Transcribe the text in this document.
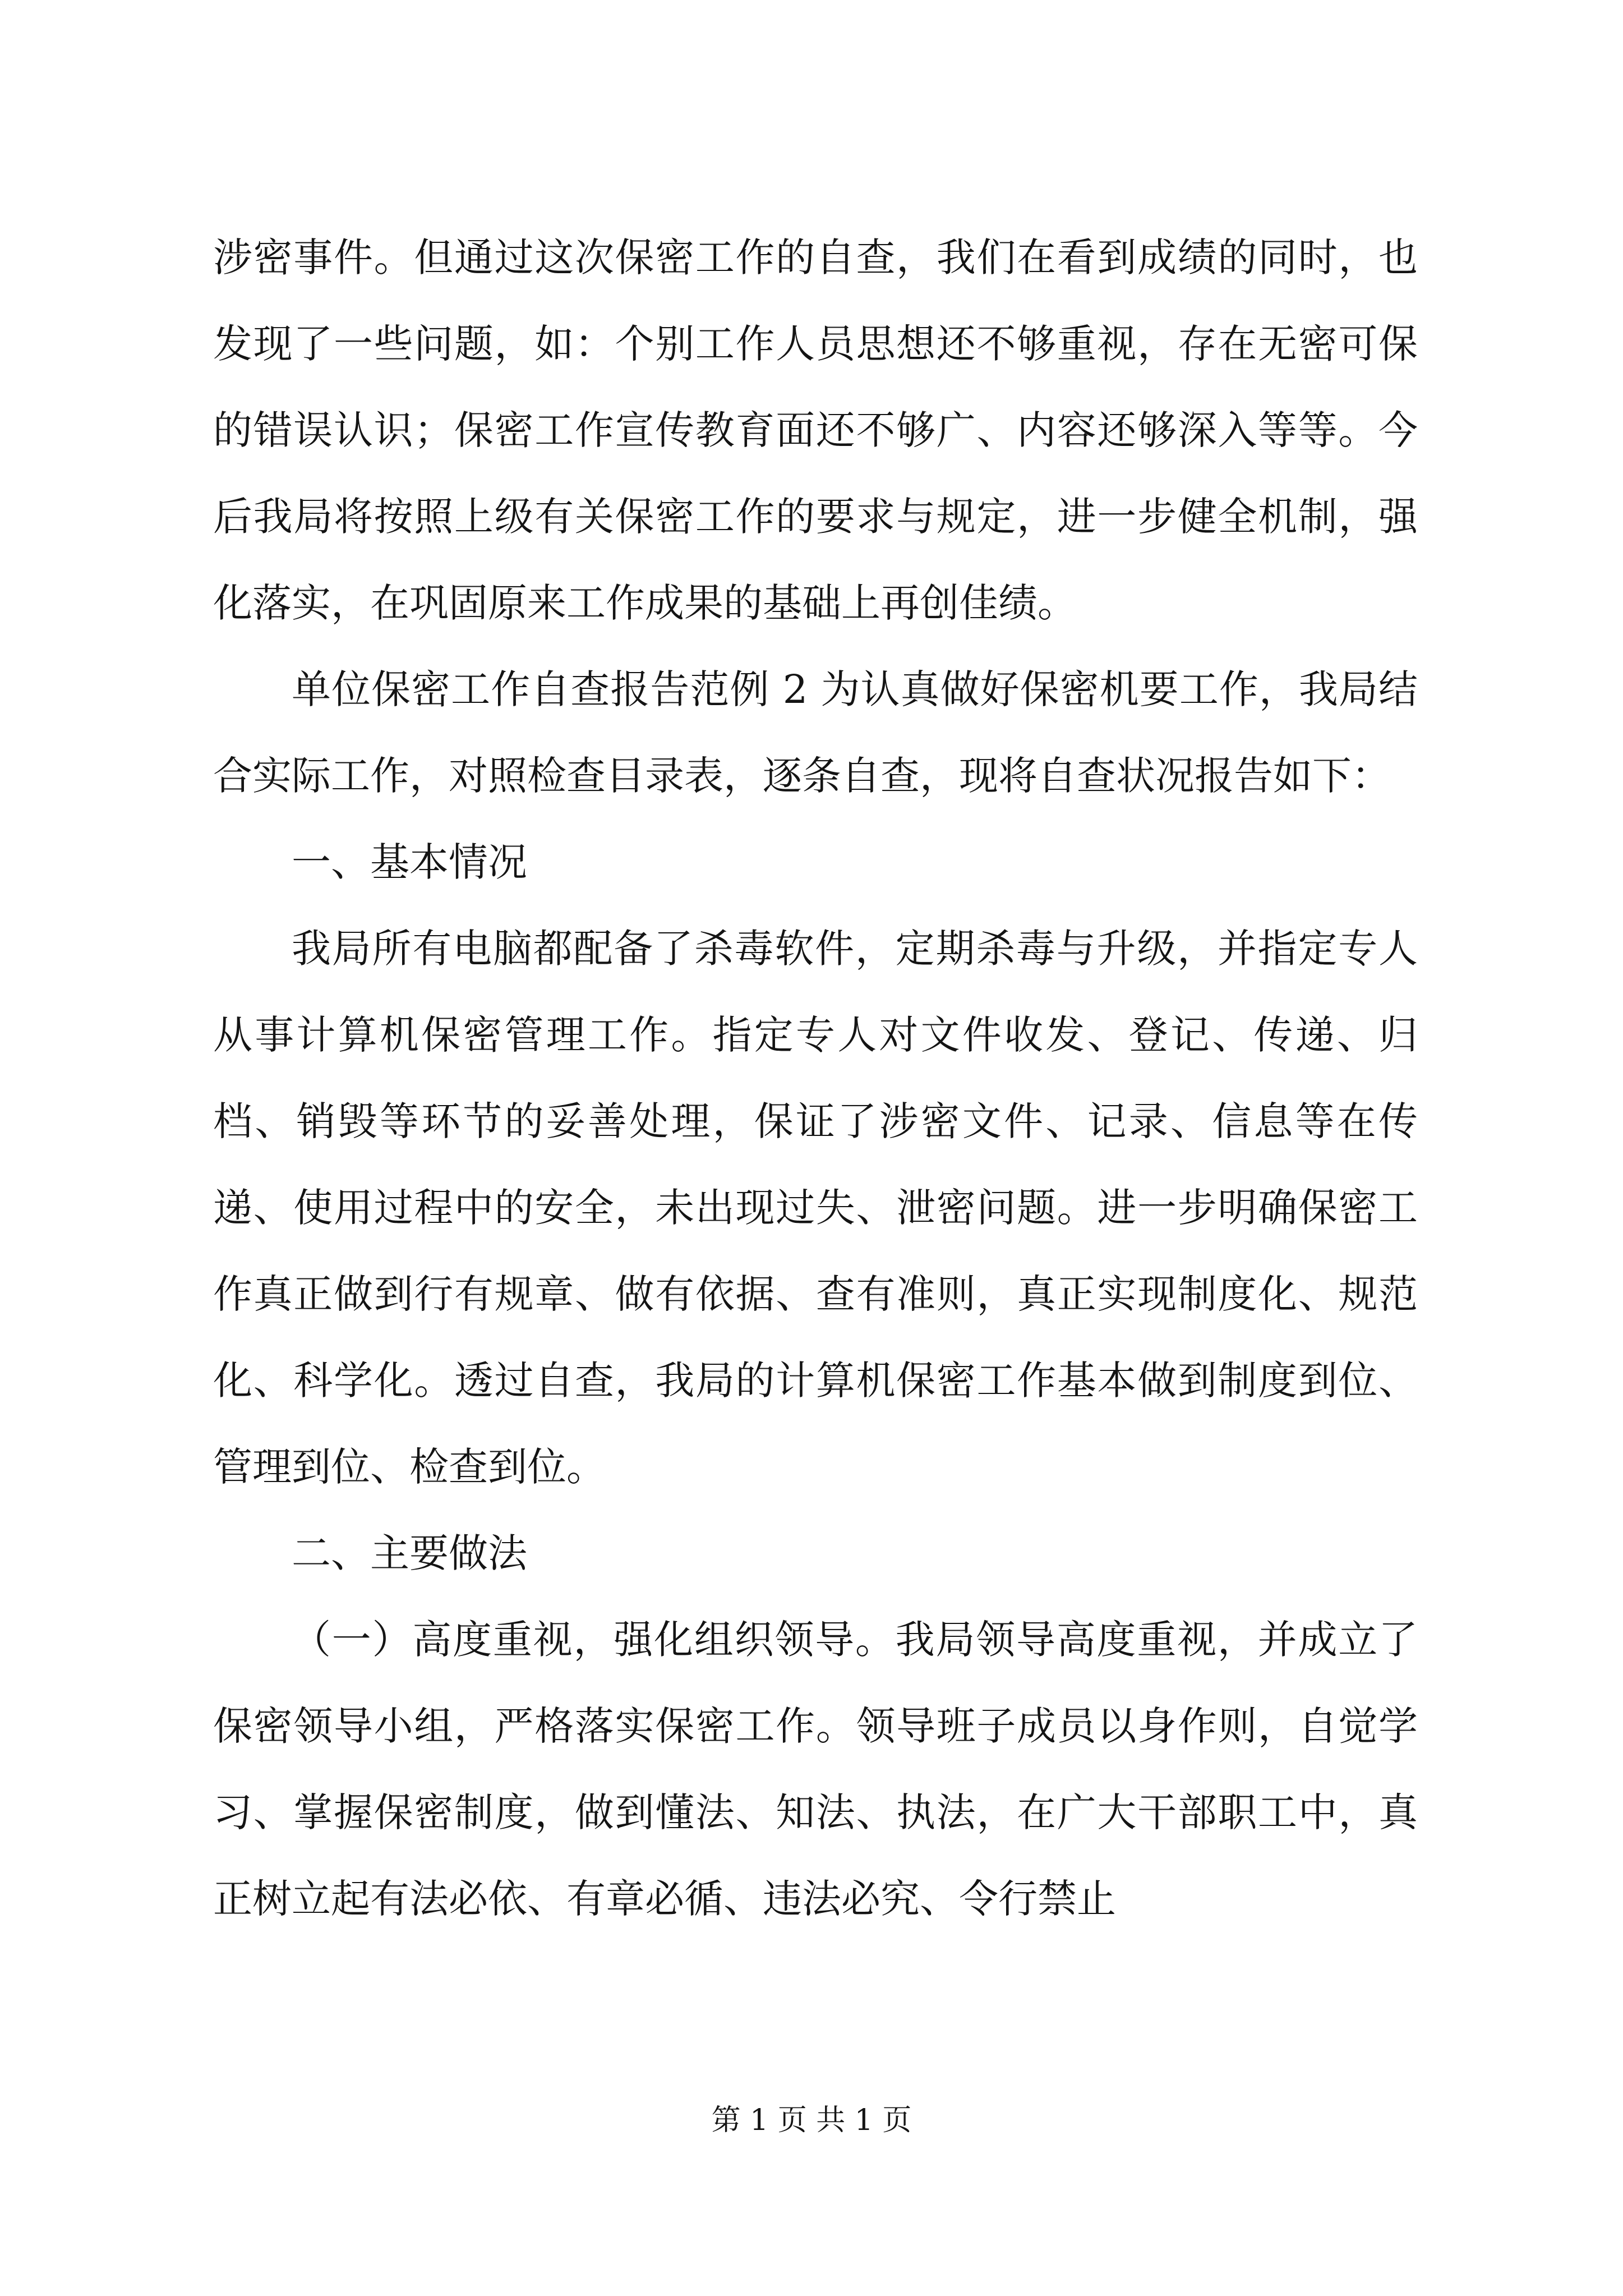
涉密事件。但通过这次保密工作的自查，我们在看到成绩的同时，也发现了一些问题，如：个别工作人员思想还不够重视，存在无密可保的错误认识；保密工作宣传教育面还不够广、内容还够深入等等。今后我局将按照上级有关保密工作的要求与规定，进一步健全机制，强化落实，在巩固原来工作成果的基础上再创佳绩。

单位保密工作自查报告范例 2 为认真做好保密机要工作，我局结合实际工作，对照检查目录表，逐条自查，现将自查状况报告如下：

一、基本情况

我局所有电脑都配备了杀毒软件，定期杀毒与升级，并指定专人从事计算机保密管理工作。指定专人对文件收发、登记、传递、归档、销毁等环节的妥善处理，保证了涉密文件、记录、信息等在传递、使用过程中的安全，未出现过失、泄密问题。进一步明确保密工作真正做到行有规章、做有依据、查有准则，真正实现制度化、规范化、科学化。透过自查，我局的计算机保密工作基本做到制度到位、管理到位、检查到位。

二、主要做法

（一）高度重视，强化组织领导。我局领导高度重视，并成立了保密领导小组，严格落实保密工作。领导班子成员以身作则，自觉学习、掌握保密制度，做到懂法、知法、执法，在广大干部职工中，真正树立起有法必依、有章必循、违法必究、令行禁止

第 1 页 共 1 页
